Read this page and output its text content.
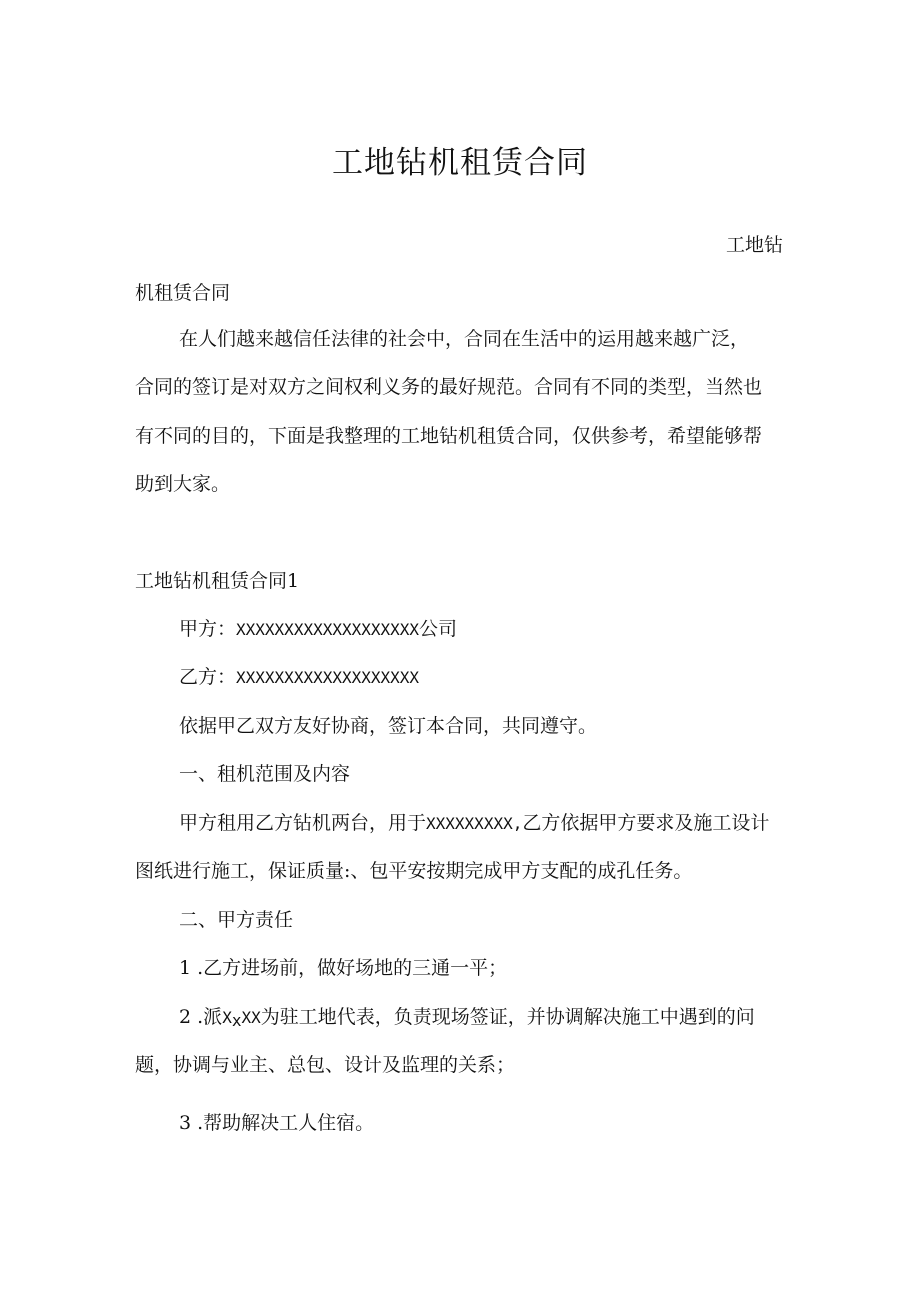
工地钻机租赁合同
工地钻
机租赁合同
在人们越来越信任法律的社会中，合同在生活中的运用越来越广泛，
合同的签订是对双方之间权利义务的最好规范。合同有不同的类型，当然也
有不同的目的，下面是我整理的工地钻机租赁合同，仅供参考，希望能够帮
助到大家。
工地钻机租赁合同1
甲方：XXXXXXXXXXXXXXXXXXX公司
乙方：XXXXXXXXXXXXXXXXXXX
依据甲乙双方友好协商，签订本合同，共同遵守。
一、租机范围及内容
甲方租用乙方钻机两台，用于XXXXXXXXX,乙方依据甲方要求及施工设计
图纸进行施工，保证质量:、包平安按期完成甲方支配的成孔任务。
二、甲方责任
1 .乙方进场前，做好场地的三通一平；
2 .派$X_xXX$为驻工地代表，负责现场签证，并协调解决施工中遇到的问
题，协调与业主、总包、设计及监理的关系；
3 .帮助解决工人住宿。
